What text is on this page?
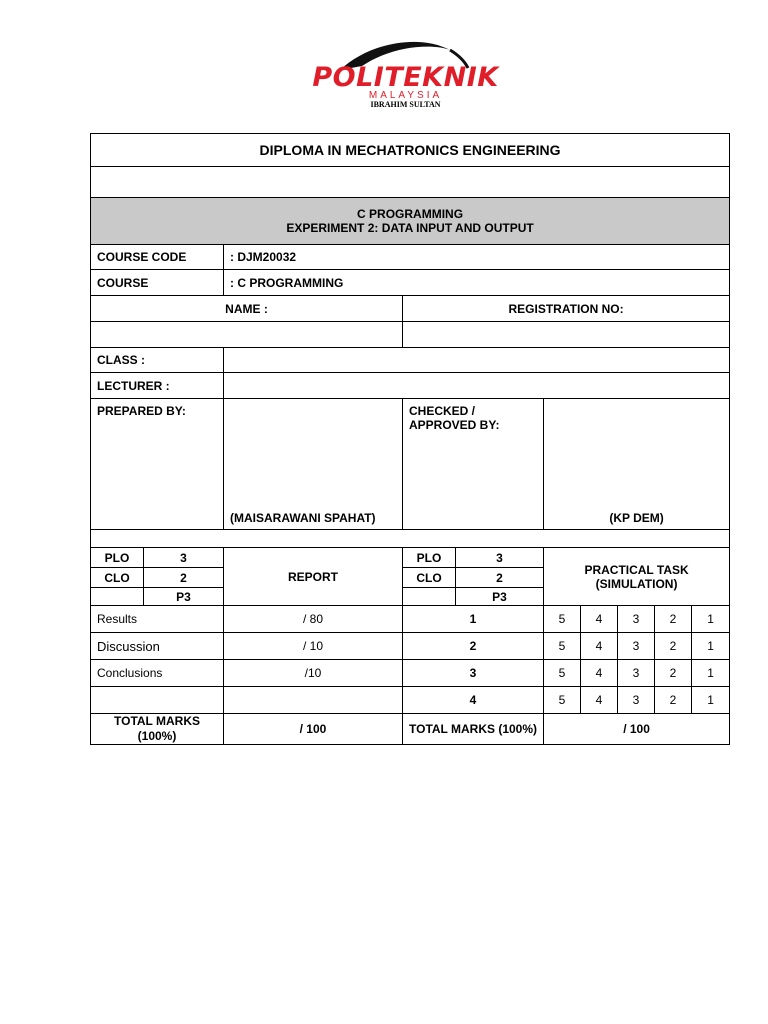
POLITEKNIK
MALAYSIA
IBRAHIM SULTAN
DIPLOMA IN MECHATRONICS ENGINEERING									

C PROGRAMMING
EXPERIMENT 2: DATA INPUT AND OUTPUT									

COURSE CODE		: DJM20032							
COURSE		: C PROGRAMMING							
NAME :			REGISTRATION NO:						

CLASS :									
LECTURER :									
PREPARED BY:		(MAISARAWANI SPAHAT)	CHECKED / APPROVED BY:		(KP DEM)				

PLO	3	REPORT	PLO	3	PRACTICAL TASK (SIMULATION)				
CLO	2		CLO	2					
	P3			P3					
Results		/ 80	1		5	4	3	2	1
Discussion		/ 10	2		5	4	3	2	1
Conclusions		/10	3		5	4	3	2	1
			4		5	4	3	2	1
TOTAL MARKS (100%)		/ 100	TOTAL MARKS (100%)		/ 100				
